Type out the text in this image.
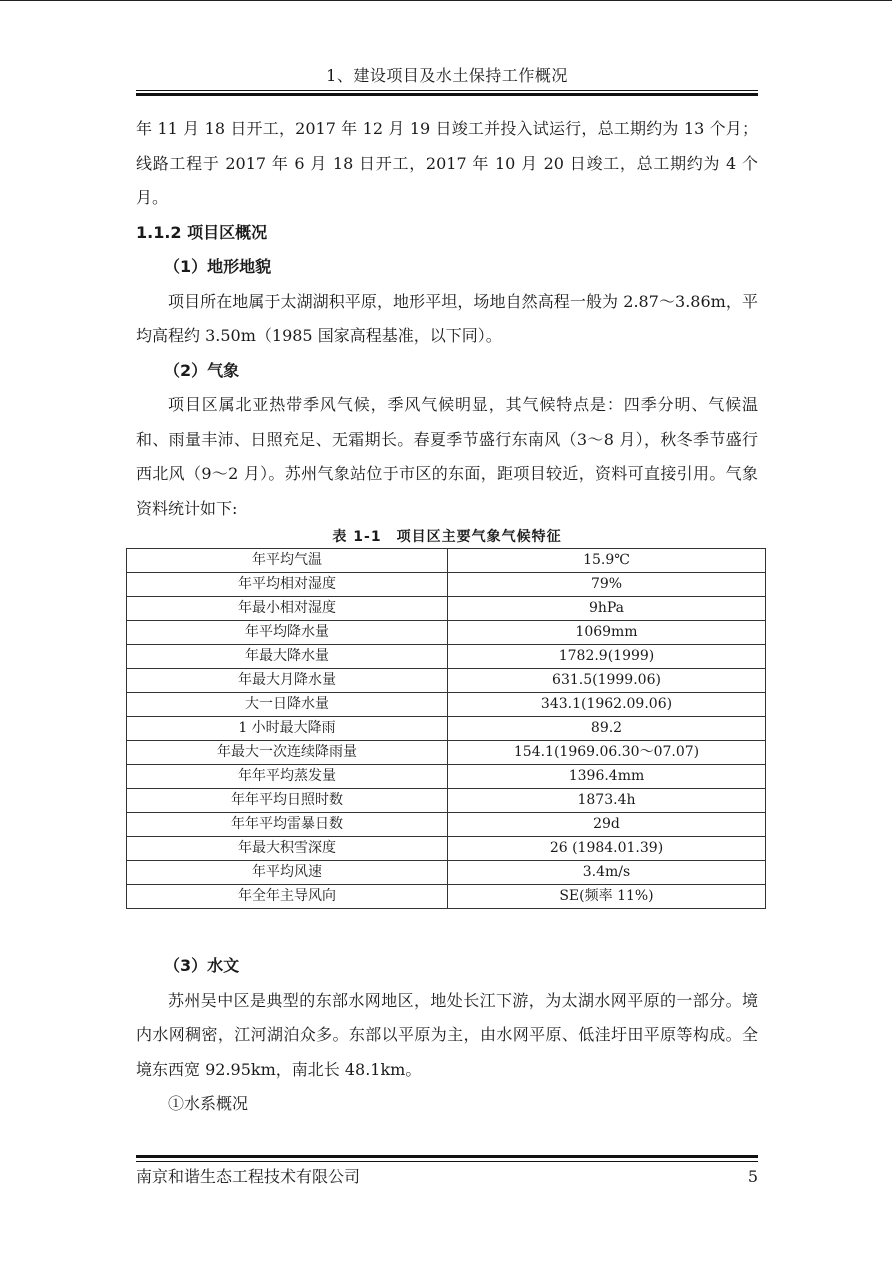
1、建设项目及水土保持工作概况

年 11 月 18 日开工，2017 年 12 月 19 日竣工并投入试运行，总工期约为 13 个月；线路工程于 2017 年 6 月 18 日开工，2017 年 10 月 20 日竣工，总工期约为 4 个月。

1.1.2 项目区概况

（1）地形地貌

项目所在地属于太湖湖积平原，地形平坦，场地自然高程一般为 2.87～3.86m，平均高程约 3.50m（1985 国家高程基准，以下同）。

（2）气象

项目区属北亚热带季风气候，季风气候明显，其气候特点是：四季分明、气候温和、雨量丰沛、日照充足、无霜期长。春夏季节盛行东南风（3～8 月），秋冬季节盛行西北风（9～2 月）。苏州气象站位于市区的东面，距项目较近，资料可直接引用。气象资料统计如下:

表 1-1　项目区主要气象气候特征

年平均气温	15.9℃
年平均相对湿度	79%
年最小相对湿度	9hPa
年平均降水量	1069mm
年最大降水量	1782.9(1999)
年最大月降水量	631.5(1999.06)
大一日降水量	343.1(1962.09.06)
1 小时最大降雨	89.2
年最大一次连续降雨量	154.1(1969.06.30～07.07)
年年平均蒸发量	1396.4mm
年年平均日照时数	1873.4h
年年平均雷暴日数	29d
年最大积雪深度	26 (1984.01.39)
年平均风速	3.4m/s
年全年主导风向	SE(频率 11%)

（3）水文

苏州吴中区是典型的东部水网地区，地处长江下游，为太湖水网平原的一部分。境内水网稠密，江河湖泊众多。东部以平原为主，由水网平原、低洼圩田平原等构成。全境东西宽 92.95km，南北长 48.1km。

①水系概况

南京和谐生态工程技术有限公司	5
